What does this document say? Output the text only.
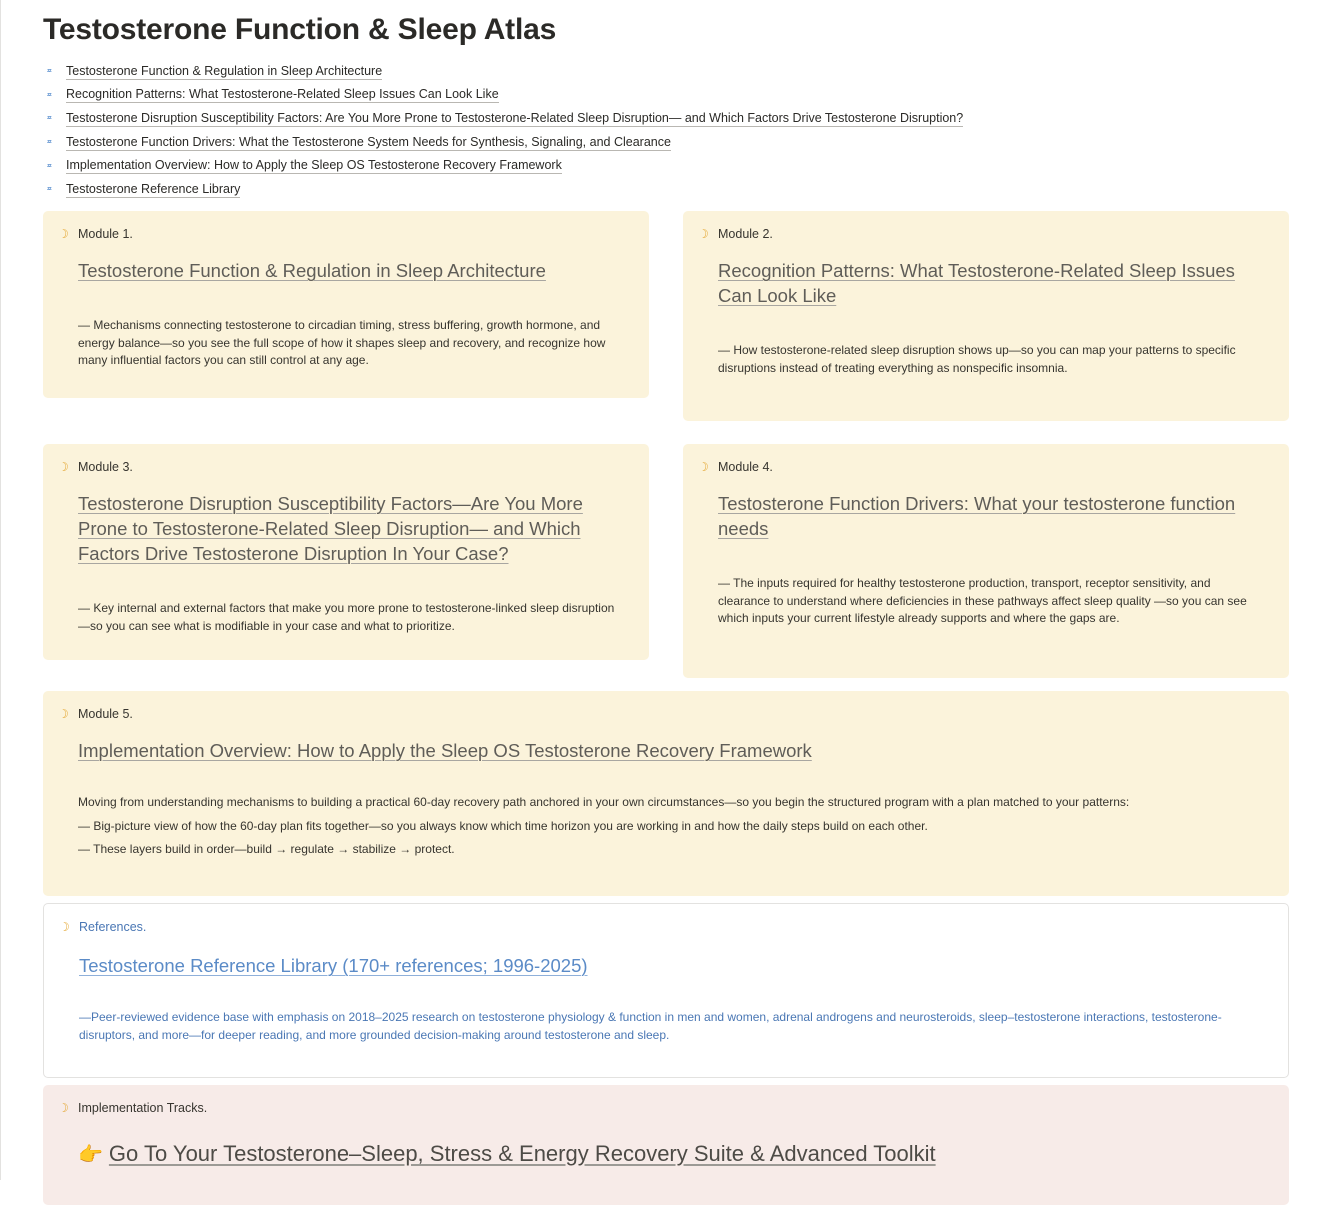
Testosterone Function & Sleep Atlas
ᶻᶻ	Testosterone Function & Regulation in Sleep Architecture
ᶻᶻ	Recognition Patterns: What Testosterone-Related Sleep Issues Can Look Like
ᶻᶻ	Testosterone Disruption Susceptibility Factors: Are You More Prone to Testosterone-Related Sleep Disruption— and Which Factors Drive Testosterone Disruption?
ᶻᶻ	Testosterone Function Drivers: What the Testosterone System Needs for Synthesis, Signaling, and Clearance
ᶻᶻ	Implementation Overview: How to Apply the Sleep OS Testosterone Recovery Framework
ᶻᶻ	Testosterone Reference Library
☽ Module 1.
Testosterone Function & Regulation in Sleep Architecture
— Mechanisms connecting testosterone to circadian timing, stress buffering, growth hormone, and energy balance—so you see the full scope of how it shapes sleep and recovery, and recognize how many influential factors you can still control at any age.
☽ Module 2.
Recognition Patterns: What Testosterone-Related Sleep Issues Can Look Like
— How testosterone-related sleep disruption shows up—so you can map your patterns to specific disruptions instead of treating everything as nonspecific insomnia.
☽ Module 3.
Testosterone Disruption Susceptibility Factors—Are You More Prone to Testosterone-Related Sleep Disruption— and Which Factors Drive Testosterone Disruption In Your Case?
— Key internal and external factors that make you more prone to testosterone-linked sleep disruption—so you can see what is modifiable in your case and what to prioritize.
☽ Module 4.
Testosterone Function Drivers: What your testosterone function needs
— The inputs required for healthy testosterone production, transport, receptor sensitivity, and clearance to understand where deficiencies in these pathways affect sleep quality —so you can see which inputs your current lifestyle already supports and where the gaps are.
☽ Module 5.
Implementation Overview: How to Apply the Sleep OS Testosterone Recovery Framework
Moving from understanding mechanisms to building a practical 60-day recovery path anchored in your own circumstances—so you begin the structured program with a plan matched to your patterns:
— Big-picture view of how the 60-day plan fits together—so you always know which time horizon you are working in and how the daily steps build on each other.
— These layers build in order—build → regulate → stabilize → protect.
☽ References.
Testosterone Reference Library (170+ references; 1996-2025)
—Peer-reviewed evidence base with emphasis on 2018–2025 research on testosterone physiology & function in men and women, adrenal androgens and neurosteroids, sleep–testosterone interactions, testosterone-disruptors, and more—for deeper reading, and more grounded decision-making around testosterone and sleep.
☽ Implementation Tracks.
👉 Go To Your Testosterone–Sleep, Stress & Energy Recovery Suite & Advanced Toolkit
